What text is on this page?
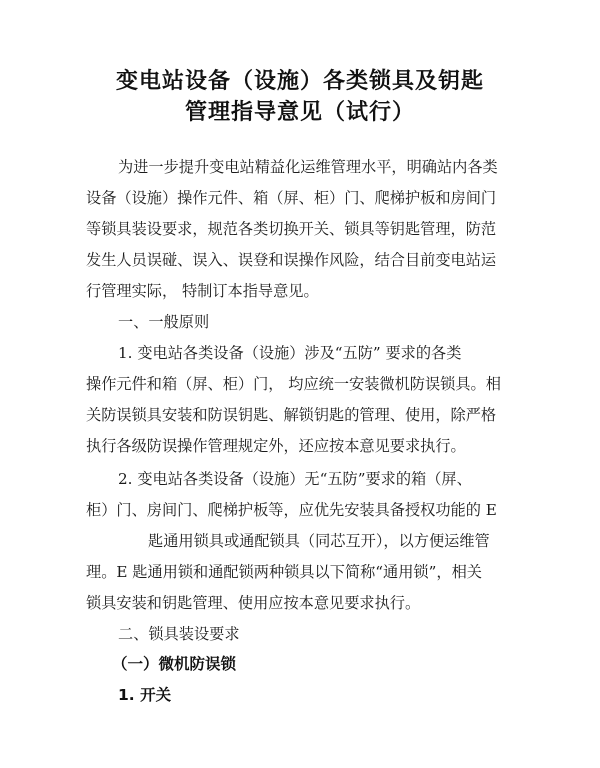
变电站设备（设施）各类锁具及钥匙
管理指导意见（试行）
为进一步提升变电站精益化运维管理水平，明确站内各类
设备（设施）操作元件、箱（屏、柜）门、爬梯护板和房间门
等锁具装设要求，规范各类切换开关、锁具等钥匙管理，防范
发生人员误碰、误入、误登和误操作风险，结合目前变电站运
行管理实际， 特制订本指导意见。
一、一般原则
1. 变电站各类设备（设施）涉及“五防” 要求的各类
操作元件和箱（屏、柜）门， 均应统一安装微机防误锁具。相
关防误锁具安装和防误钥匙、解锁钥匙的管理、使用，除严格
执行各级防误操作管理规定外，还应按本意见要求执行。
2. 变电站各类设备（设施）无“五防”要求的箱（屏、
柜）门、房间门、爬梯护板等，应优先安装具备授权功能的 E
匙通用锁具或通配锁具（同芯互开），以方便运维管
理。E 匙通用锁和通配锁两种锁具以下简称“通用锁”，相关
锁具安装和钥匙管理、使用应按本意见要求执行。
二、锁具装设要求
（一）微机防误锁
1. 开关
